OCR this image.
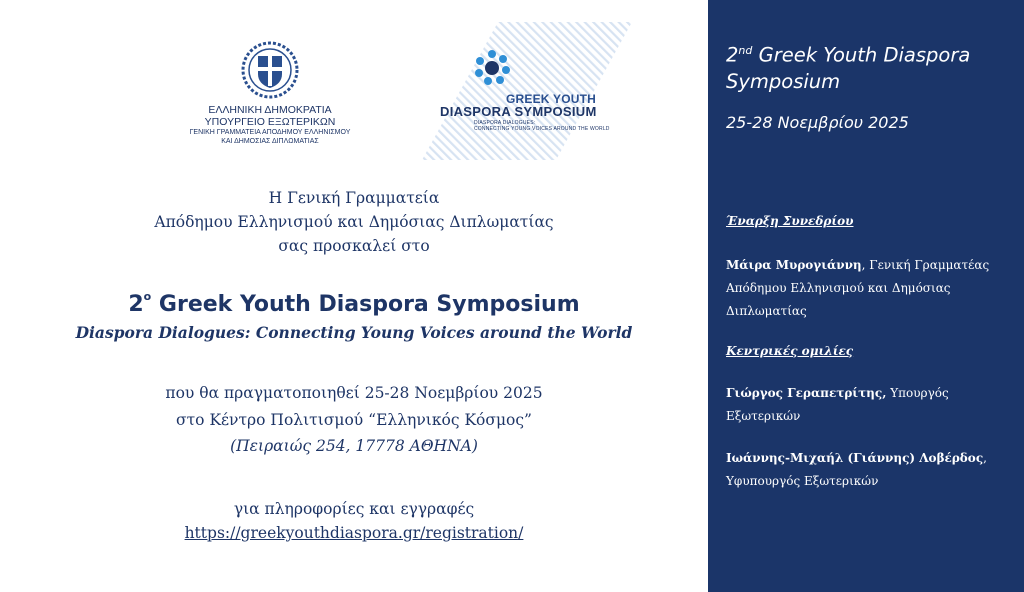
ΕΛΛΗΝΙΚΗ ΔΗΜΟΚΡΑΤΙΑ
ΥΠΟΥΡΓΕΙΟ ΕΞΩΤΕΡΙΚΩΝ
ΓΕΝΙΚΗ ΓΡΑΜΜΑΤΕΙΑ ΑΠΟΔΗΜΟΥ ΕΛΛΗΝΙΣΜΟΥ
ΚΑΙ ΔΗΜΟΣΙΑΣ ΔΙΠΛΩΜΑΤΙΑΣ
GREEK YOUTH
DIASPORA SYMPOSIUM
DIASPORA DIALOGUES:
CONNECTING YOUNG VOICES AROUND THE WORLD
Η Γενική Γραμματεία
Απόδημου Ελληνισμού και Δημόσιας Διπλωματίας
σας προσκαλεί στο
$2^o$ Greek Youth Diaspora Symposium
Diaspora Dialogues: Connecting Young Voices around the World
που θα πραγματοποιηθεί 25-28 Νοεμβρίου 2025
στο Κέντρο Πολιτισμού “Ελληνικός Κόσμος”
(Πειραιώς 254, 17778 ΑΘΗΝΑ)
για πληροφορίες και εγγραφές
https://greekyouthdiaspora.gr/registration/
2nd Greek Youth Diaspora
Symposium
25-28 Νοεμβρίου 2025
Έναρξη Συνεδρίου
Μάιρα Μυρογιάννη, Γενική Γραμματέας
Απόδημου Ελληνισμού και Δημόσιας
Διπλωματίας
Κεντρικές ομιλίες
Γιώργος Γεραπετρίτης, Υπουργός
Εξωτερικών
Ιωάννης-Μιχαήλ (Γιάννης) Λοβέρδος,
Υφυπουργός Εξωτερικών
